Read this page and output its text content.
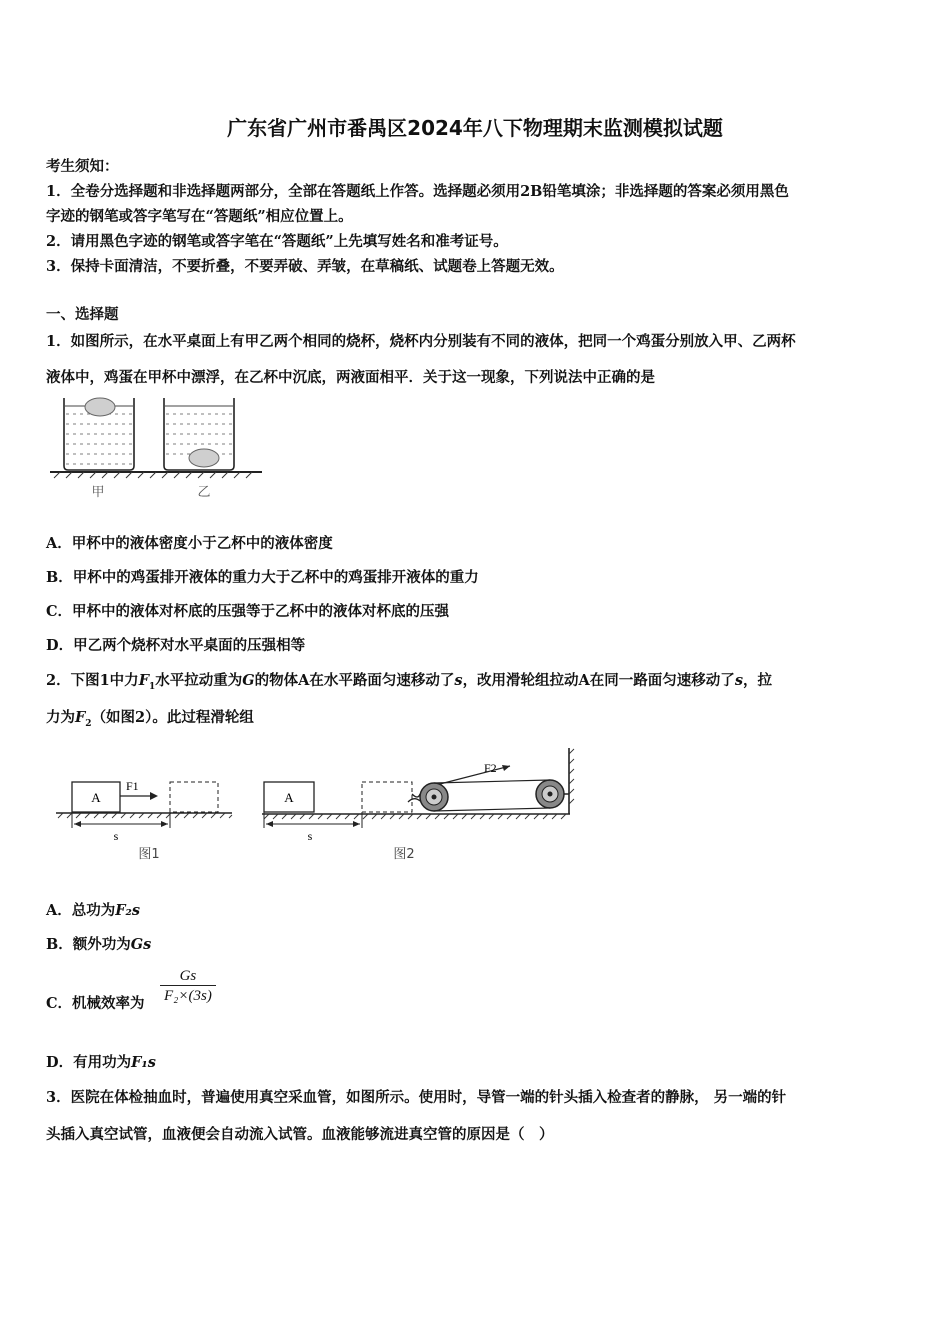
广东省广州市番禺区2024年八下物理期末监测模拟试题
考生须知：
1．全卷分选择题和非选择题两部分，全部在答题纸上作答。选择题必须用2B铅笔填涂；非选择题的答案必须用黑色
字迹的钢笔或答字笔写在“答题纸”相应位置上。
2．请用黑色字迹的钢笔或答字笔在“答题纸”上先填写姓名和准考证号。
3．保持卡面清洁，不要折叠，不要弄破、弄皱，在草稿纸、试题卷上答题无效。
一、选择题
1．如图所示，在水平桌面上有甲乙两个相同的烧杯，烧杯内分别装有不同的液体，把同一个鸡蛋分别放入甲、乙两杯
液体中，鸡蛋在甲杯中漂浮，在乙杯中沉底，两液面相平．关于这一现象，下列说法中正确的是
甲	乙
A．甲杯中的液体密度小于乙杯中的液体密度
B．甲杯中的鸡蛋排开液体的重力大于乙杯中的鸡蛋排开液体的重力
C．甲杯中的液体对杯底的压强等于乙杯中的液体对杯底的压强
D．甲乙两个烧杯对水平桌面的压强相等
2．下图1中力$F_1$水平拉动重为G的物体A在水平路面匀速移动了s，改用滑轮组拉动A在同一路面匀速移动了s，拉
力为$F_2$（如图2）。此过程滑轮组
A
F1
s
图1
A
F2
s
图2
A．总功为F₂s
B．额外功为Gs
C．机械效率为 $\frac{Gs}{\text{F₂×(3s)}}$
D．有用功为F₁s
3．医院在体检抽血时，普遍使用真空采血管，如图所示。使用时，导管一端的针头插入检查者的静脉， 另一端的针
头插入真空试管，血液便会自动流入试管。血液能够流进真空管的原因是（　）
